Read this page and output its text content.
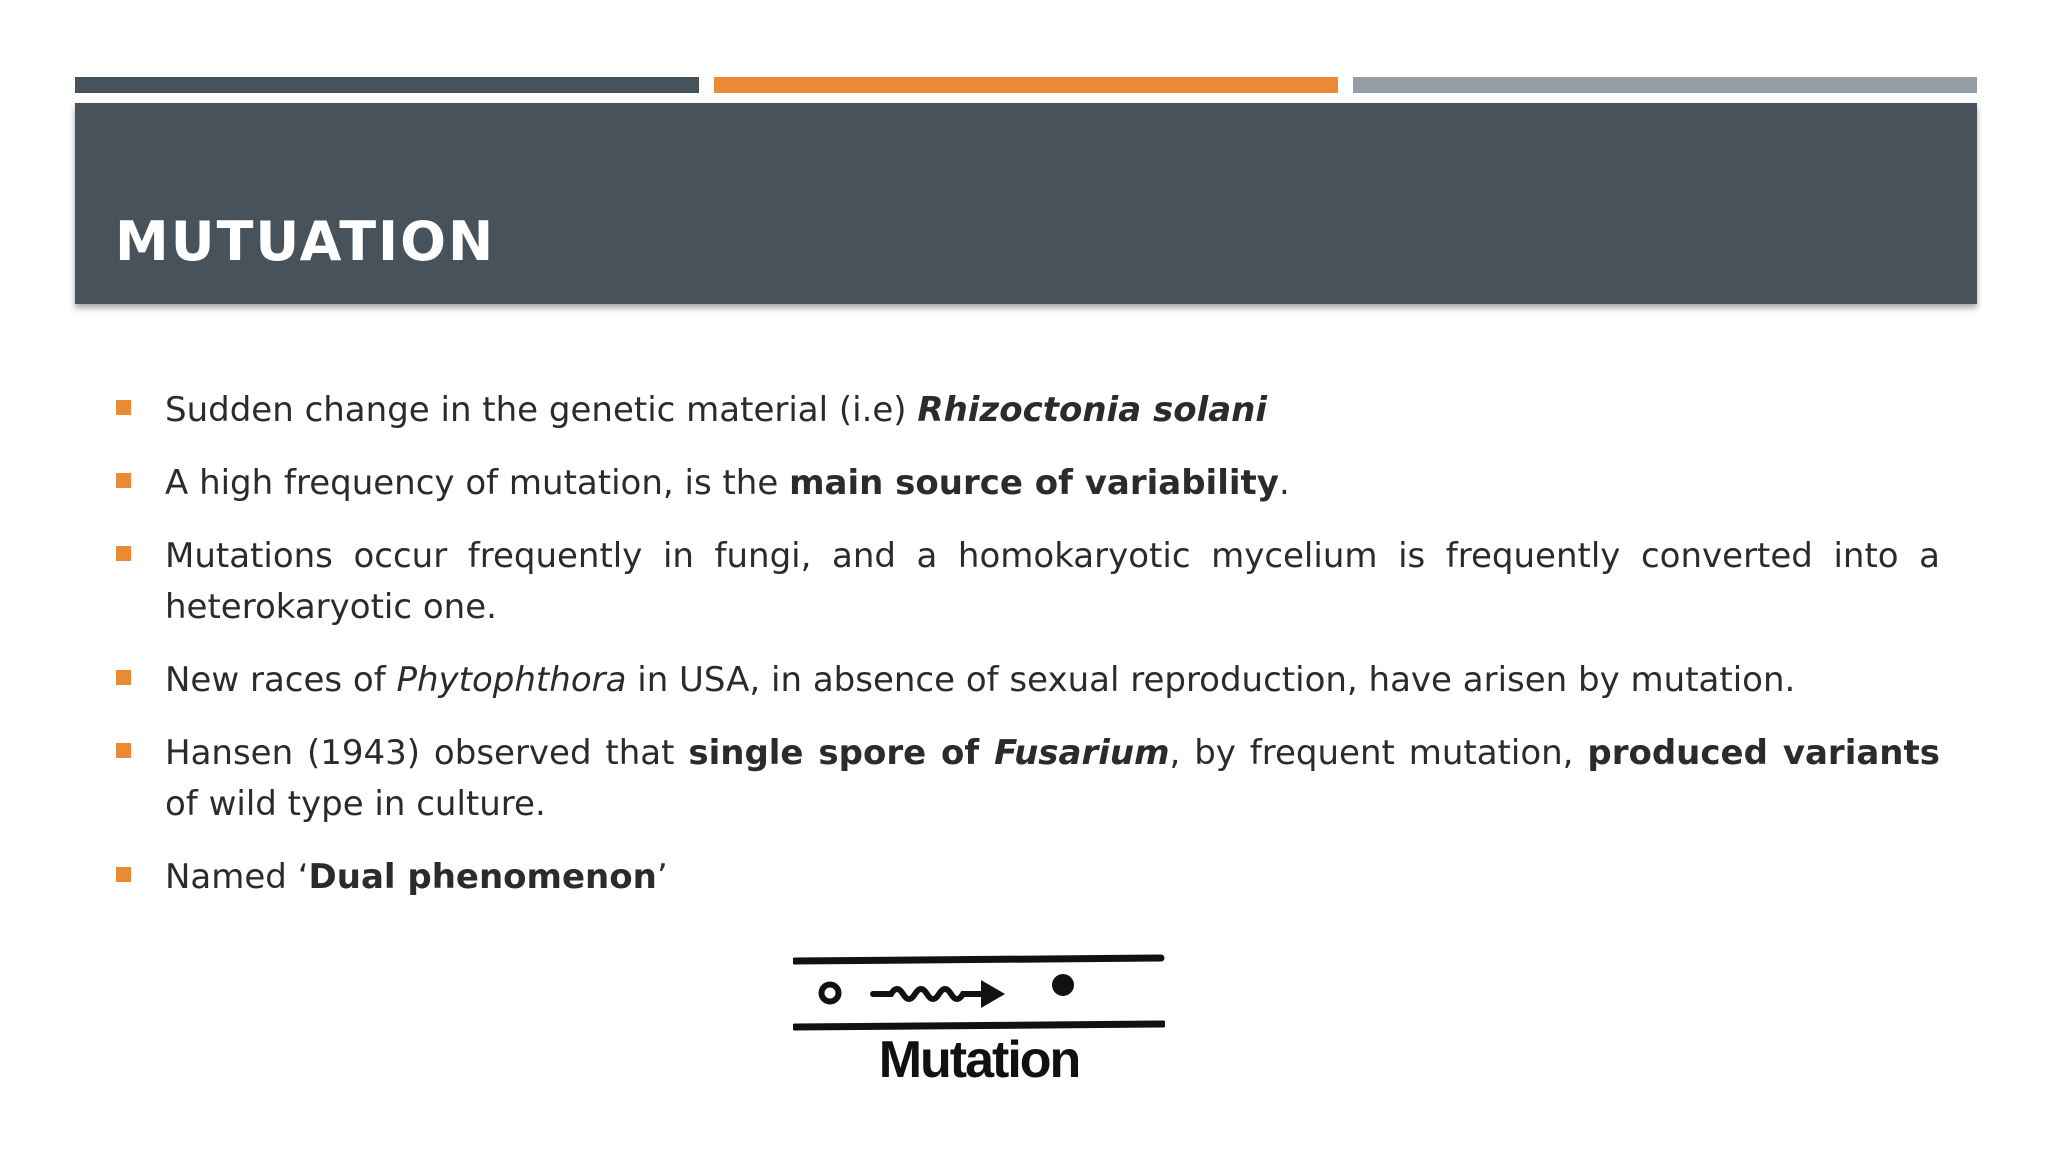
MUTUATION
Sudden change in the genetic material (i.e) Rhizoctonia solani
A high frequency of mutation, is the main source of variability.
Mutations occur frequently in fungi, and a homokaryotic mycelium is frequently converted into a heterokaryotic one.
New races of Phytophthora in USA, in absence of sexual reproduction, have arisen by mutation.
Hansen (1943) observed that single spore of Fusarium, by frequent mutation, produced variants of wild type in culture.
Named ‘Dual phenomenon’
Mutation
